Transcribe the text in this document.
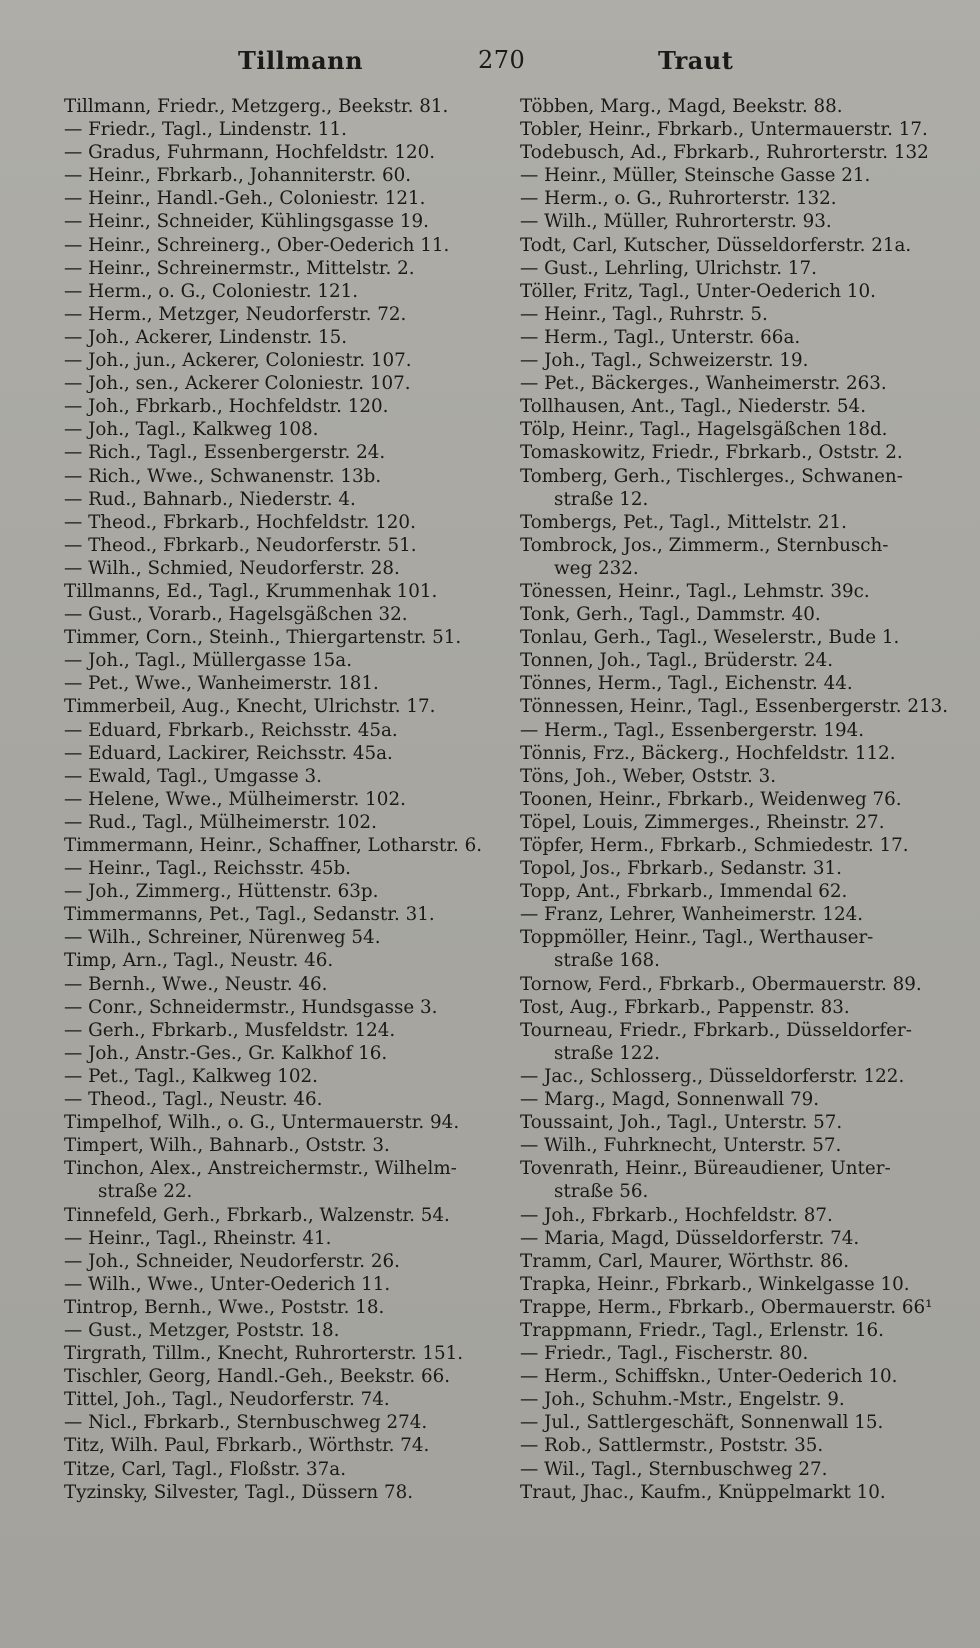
Tillmann	270	Traut
Tillmann, Friedr., Metzgerg., Beekstr. 81.
— Friedr., Tagl., Lindenstr. 11.
— Gradus, Fuhrmann, Hochfeldstr. 120.
— Heinr., Fbrkarb., Johanniterstr. 60.
— Heinr., Handl.-Geh., Coloniestr. 121.
— Heinr., Schneider, Kühlingsgasse 19.
— Heinr., Schreinerg., Ober-Oederich 11.
— Heinr., Schreinermstr., Mittelstr. 2.
— Herm., o. G., Coloniestr. 121.
— Herm., Metzger, Neudorferstr. 72.
— Joh., Ackerer, Lindenstr. 15.
— Joh., jun., Ackerer, Coloniestr. 107.
— Joh., sen., Ackerer Coloniestr. 107.
— Joh., Fbrkarb., Hochfeldstr. 120.
— Joh., Tagl., Kalkweg 108.
— Rich., Tagl., Essenbergerstr. 24.
— Rich., Wwe., Schwanenstr. 13b.
— Rud., Bahnarb., Niederstr. 4.
— Theod., Fbrkarb., Hochfeldstr. 120.
— Theod., Fbrkarb., Neudorferstr. 51.
— Wilh., Schmied, Neudorferstr. 28.
Tillmanns, Ed., Tagl., Krummenhak 101.
— Gust., Vorarb., Hagelsgäßchen 32.
Timmer, Corn., Steinh., Thiergartenstr. 51.
— Joh., Tagl., Müllergasse 15a.
— Pet., Wwe., Wanheimerstr. 181.
Timmerbeil, Aug., Knecht, Ulrichstr. 17.
— Eduard, Fbrkarb., Reichsstr. 45a.
— Eduard, Lackirer, Reichsstr. 45a.
— Ewald, Tagl., Umgasse 3.
— Helene, Wwe., Mülheimerstr. 102.
— Rud., Tagl., Mülheimerstr. 102.
Timmermann, Heinr., Schaffner, Lotharstr. 6.
— Heinr., Tagl., Reichsstr. 45b.
— Joh., Zimmerg., Hüttenstr. 63p.
Timmermanns, Pet., Tagl., Sedanstr. 31.
— Wilh., Schreiner, Nürenweg 54.
Timp, Arn., Tagl., Neustr. 46.
— Bernh., Wwe., Neustr. 46.
— Conr., Schneidermstr., Hundsgasse 3.
— Gerh., Fbrkarb., Musfeldstr. 124.
— Joh., Anstr.-Ges., Gr. Kalkhof 16.
— Pet., Tagl., Kalkweg 102.
— Theod., Tagl., Neustr. 46.
Timpelhof, Wilh., o. G., Untermauerstr. 94.
Timpert, Wilh., Bahnarb., Oststr. 3.
Tinchon, Alex., Anstreichermstr., Wilhelm-
straße 22.
Tinnefeld, Gerh., Fbrkarb., Walzenstr. 54.
— Heinr., Tagl., Rheinstr. 41.
— Joh., Schneider, Neudorferstr. 26.
— Wilh., Wwe., Unter-Oederich 11.
Tintrop, Bernh., Wwe., Poststr. 18.
— Gust., Metzger, Poststr. 18.
Tirgrath, Tillm., Knecht, Ruhrorterstr. 151.
Tischler, Georg, Handl.-Geh., Beekstr. 66.
Tittel, Joh., Tagl., Neudorferstr. 74.
— Nicl., Fbrkarb., Sternbuschweg 274.
Titz, Wilh. Paul, Fbrkarb., Wörthstr. 74.
Titze, Carl, Tagl., Floßstr. 37a.
Tyzinsky, Silvester, Tagl., Düssern 78.
Többen, Marg., Magd, Beekstr. 88.
Tobler, Heinr., Fbrkarb., Untermauerstr. 17.
Todebusch, Ad., Fbrkarb., Ruhrorterstr. 132
— Heinr., Müller, Steinsche Gasse 21.
— Herm., o. G., Ruhrorterstr. 132.
— Wilh., Müller, Ruhrorterstr. 93.
Todt, Carl, Kutscher, Düsseldorferstr. 21a.
— Gust., Lehrling, Ulrichstr. 17.
Töller, Fritz, Tagl., Unter-Oederich 10.
— Heinr., Tagl., Ruhrstr. 5.
— Herm., Tagl., Unterstr. 66a.
— Joh., Tagl., Schweizerstr. 19.
— Pet., Bäckerges., Wanheimerstr. 263.
Tollhausen, Ant., Tagl., Niederstr. 54.
Tölp, Heinr., Tagl., Hagelsgäßchen 18d.
Tomaskowitz, Friedr., Fbrkarb., Oststr. 2.
Tomberg, Gerh., Tischlerges., Schwanen-
straße 12.
Tombergs, Pet., Tagl., Mittelstr. 21.
Tombrock, Jos., Zimmerm., Sternbusch-
weg 232.
Tönessen, Heinr., Tagl., Lehmstr. 39c.
Tonk, Gerh., Tagl., Dammstr. 40.
Tonlau, Gerh., Tagl., Weselerstr., Bude 1.
Tonnen, Joh., Tagl., Brüderstr. 24.
Tönnes, Herm., Tagl., Eichenstr. 44.
Tönnessen, Heinr., Tagl., Essenbergerstr. 213.
— Herm., Tagl., Essenbergerstr. 194.
Tönnis, Frz., Bäckerg., Hochfeldstr. 112.
Töns, Joh., Weber, Oststr. 3.
Toonen, Heinr., Fbrkarb., Weidenweg 76.
Töpel, Louis, Zimmerges., Rheinstr. 27.
Töpfer, Herm., Fbrkarb., Schmiedestr. 17.
Topol, Jos., Fbrkarb., Sedanstr. 31.
Topp, Ant., Fbrkarb., Immendal 62.
— Franz, Lehrer, Wanheimerstr. 124.
Toppmöller, Heinr., Tagl., Werthauser-
straße 168.
Tornow, Ferd., Fbrkarb., Obermauerstr. 89.
Tost, Aug., Fbrkarb., Pappenstr. 83.
Tourneau, Friedr., Fbrkarb., Düsseldorfer-
straße 122.
— Jac., Schlosserg., Düsseldorferstr. 122.
— Marg., Magd, Sonnenwall 79.
Toussaint, Joh., Tagl., Unterstr. 57.
— Wilh., Fuhrknecht, Unterstr. 57.
Tovenrath, Heinr., Büreaudiener, Unter-
straße 56.
— Joh., Fbrkarb., Hochfeldstr. 87.
— Maria, Magd, Düsseldorferstr. 74.
Tramm, Carl, Maurer, Wörthstr. 86.
Trapka, Heinr., Fbrkarb., Winkelgasse 10.
Trappe, Herm., Fbrkarb., Obermauerstr. 66¹
Trappmann, Friedr., Tagl., Erlenstr. 16.
— Friedr., Tagl., Fischerstr. 80.
— Herm., Schiffskn., Unter-Oederich 10.
— Joh., Schuhm.-Mstr., Engelstr. 9.
— Jul., Sattlergeschäft, Sonnenwall 15.
— Rob., Sattlermstr., Poststr. 35.
— Wil., Tagl., Sternbuschweg 27.
Traut, Jhac., Kaufm., Knüppelmarkt 10.
